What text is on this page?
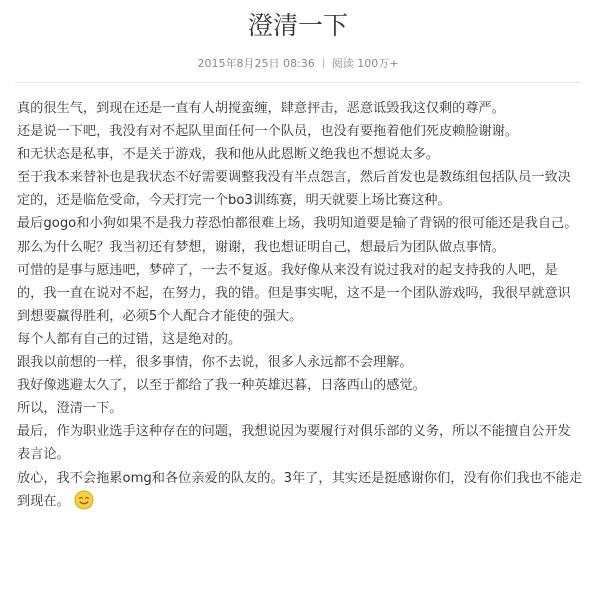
澄清一下
2015年8月25日 08:36 阅读 100万+

真的很生气，到现在还是一直有人胡搅蛮缠，肆意抨击，恶意诋毁我这仅剩的尊严。

还是说一下吧，我没有对不起队里面任何一个队员，也没有要拖着他们死皮赖脸谢谢。

和无状态是私事，不是关于游戏，我和他从此恩断义绝我也不想说太多。

至于我本来替补也是我状态不好需要调整我没有半点怨言，然后首发也是教练组包括队员一致决定的，还是临危受命，今天打完一个bo3训练赛，明天就要上场比赛这种。

最后gogo和小狗如果不是我力荐恐怕都很难上场，我明知道要是输了背锅的很可能还是我自己。

那么为什么呢？我当初还有梦想，谢谢，我也想证明自己，想最后为团队做点事情。

可惜的是事与愿违吧，梦碎了，一去不复返。我好像从来没有说过我对的起支持我的人吧，是的，我一直在说对不起，在努力，我的错。但是事实呢，这不是一个团队游戏吗，我很早就意识到想要赢得胜利，必须5个人配合才能使的强大。

每个人都有自己的过错，这是绝对的。

跟我以前想的一样，很多事情，你不去说，很多人永远都不会理解。

我好像逃避太久了，以至于都给了我一种英雄迟暮，日落西山的感觉。

所以，澄清一下。

最后，作为职业选手这种存在的问题，我想说因为要履行对俱乐部的义务，所以不能擅自公开发表言论。

放心，我不会拖累omg和各位亲爱的队友的。3年了，其实还是挺感谢你们，没有你们我也不能走到现在。
